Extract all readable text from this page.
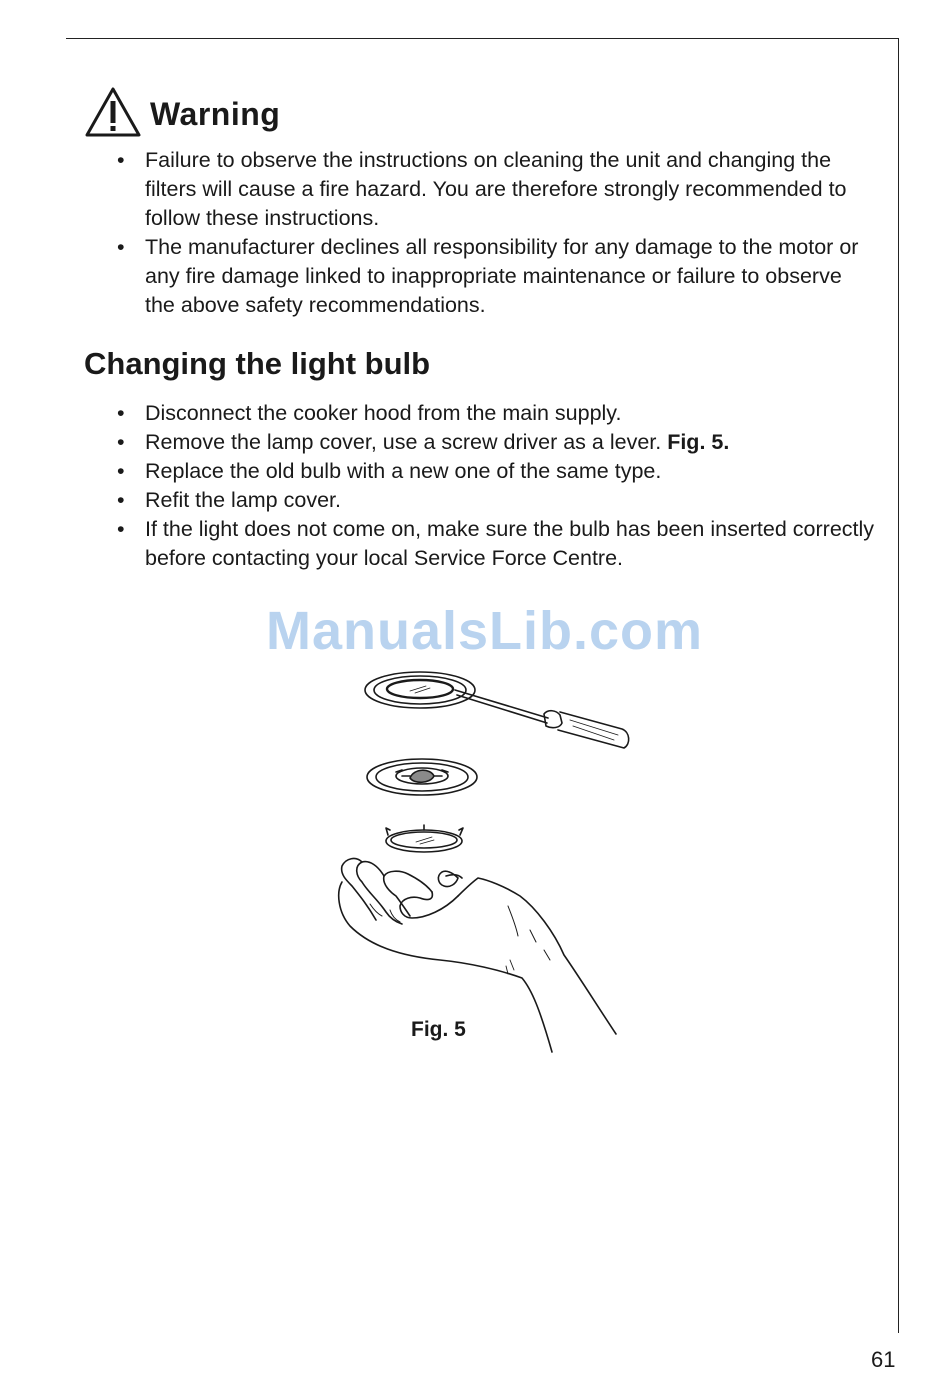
Warning
• Failure to observe the instructions on cleaning the unit and changing the filters will cause a fire hazard. You are therefore strongly recommended to follow these instructions.
• The manufacturer declines all responsibility for any damage to the motor or any fire damage linked to inappropriate maintenance or failure to observe the above safety recommendations.
Changing the light bulb
• Disconnect the cooker hood from the main supply.
• Remove the lamp cover, use a screw driver as a lever. Fig. 5.
• Replace the old bulb with a new one of the same type.
• Refit the lamp cover.
• If the light does not come on, make sure the bulb has been inserted correctly before contacting your local Service Force Centre.
ManualsLib.com
Fig. 5
61
